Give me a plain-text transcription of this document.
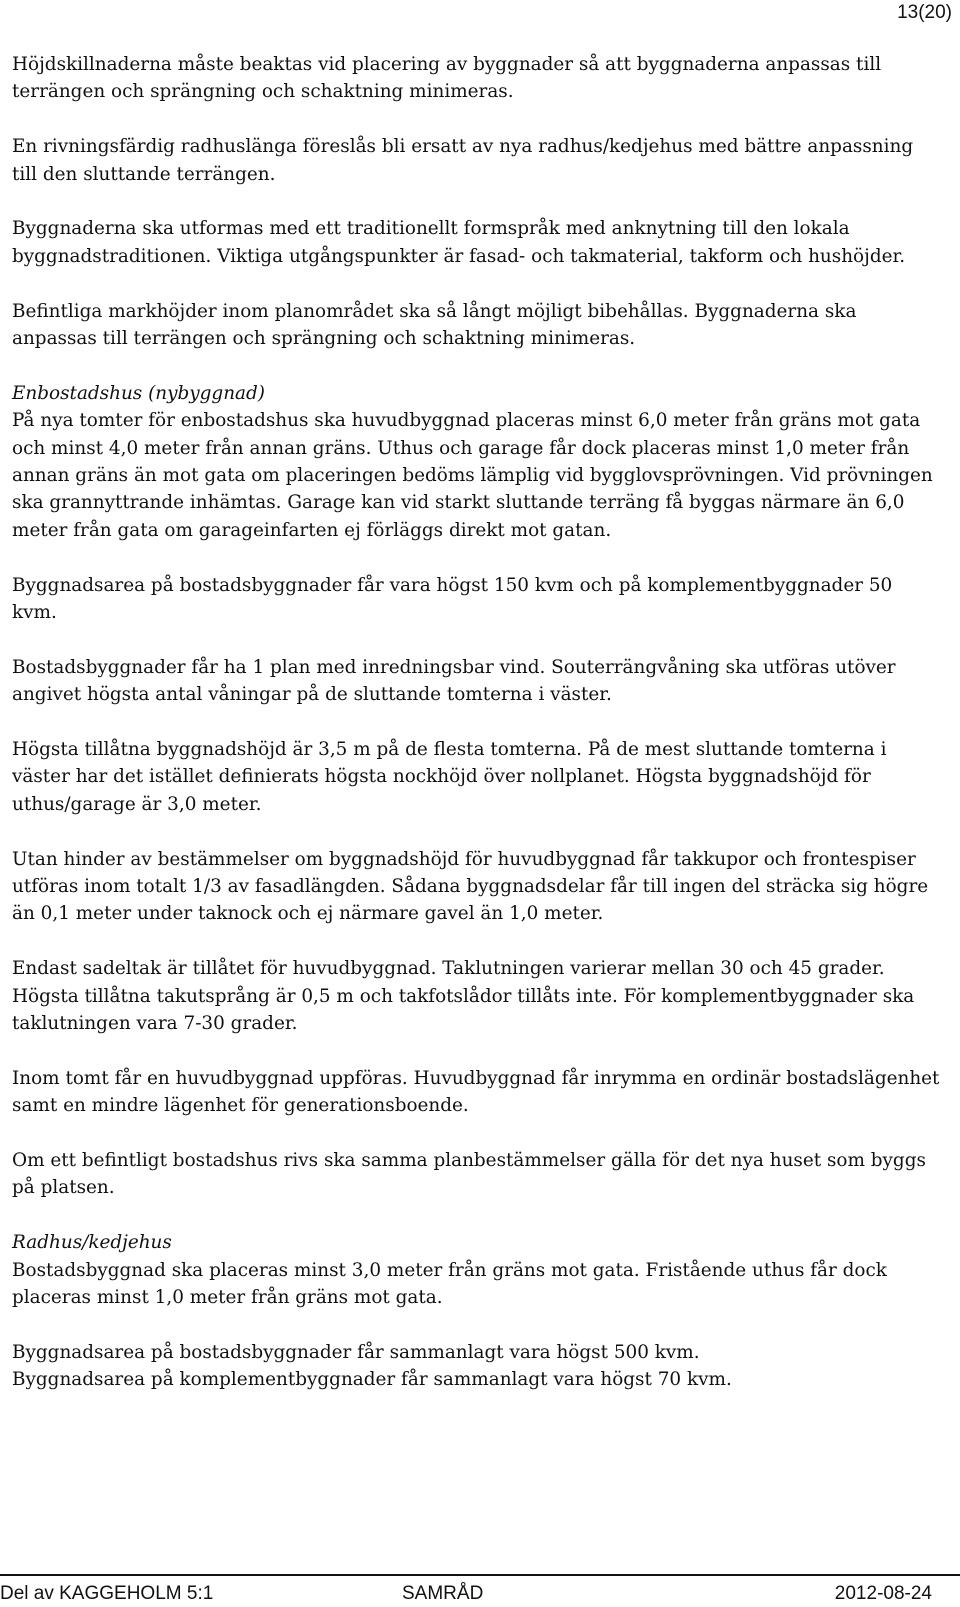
13(20)

Höjdskillnaderna måste beaktas vid placering av byggnader så att byggnaderna anpassas till terrängen och sprängning och schaktning minimeras.

En rivningsfärdig radhuslänga föreslås bli ersatt av nya radhus/kedjehus med bättre anpassning till den sluttande terrängen.

Byggnaderna ska utformas med ett traditionellt formspråk med anknytning till den lokala byggnadstraditionen. Viktiga utgångspunkter är fasad- och takmaterial, takform och hushöjder.

Befintliga markhöjder inom planområdet ska så långt möjligt bibehållas. Byggnaderna ska anpassas till terrängen och sprängning och schaktning minimeras.

Enbostadshus (nybyggnad)
På nya tomter för enbostadshus ska huvudbyggnad placeras minst 6,0 meter från gräns mot gata och minst 4,0 meter från annan gräns. Uthus och garage får dock placeras minst 1,0 meter från annan gräns än mot gata om placeringen bedöms lämplig vid bygglovsprövningen. Vid prövningen ska grannyttrande inhämtas. Garage kan vid starkt sluttande terräng få byggas närmare än 6,0 meter från gata om garageinfarten ej förläggs direkt mot gatan.

Byggnadsarea på bostadsbyggnader får vara högst 150 kvm och på komplementbyggnader 50 kvm.

Bostadsbyggnader får ha 1 plan med inredningsbar vind. Souterrängvåning ska utföras utöver angivet högsta antal våningar på de sluttande tomterna i väster.

Högsta tillåtna byggnadshöjd är 3,5 m på de flesta tomterna. På de mest sluttande tomterna i väster har det istället definierats högsta nockhöjd över nollplanet. Högsta byggnadshöjd för uthus/garage är 3,0 meter.

Utan hinder av bestämmelser om byggnadshöjd för huvudbyggnad får takkupor och frontespiser utföras inom totalt 1/3 av fasadlängden. Sådana byggnadsdelar får till ingen del sträcka sig högre än 0,1 meter under taknock och ej närmare gavel än 1,0 meter.

Endast sadeltak är tillåtet för huvudbyggnad. Taklutningen varierar mellan 30 och 45 grader. Högsta tillåtna takutsprång är 0,5 m och takfotslådor tillåts inte. För komplementbyggnader ska taklutningen vara 7-30 grader.

Inom tomt får en huvudbyggnad uppföras. Huvudbyggnad får inrymma en ordinär bostadslägenhet samt en mindre lägenhet för generationsboende.

Om ett befintligt bostadshus rivs ska samma planbestämmelser gälla för det nya huset som byggs på platsen.

Radhus/kedjehus
Bostadsbyggnad ska placeras minst 3,0 meter från gräns mot gata. Fristående uthus får dock placeras minst 1,0 meter från gräns mot gata.

Byggnadsarea på bostadsbyggnader får sammanlagt vara högst 500 kvm.

Byggnadsarea på komplementbyggnader får sammanlagt vara högst 70 kvm.

Del av KAGGEHOLM 5:1	SAMRÅD	2012-08-24
